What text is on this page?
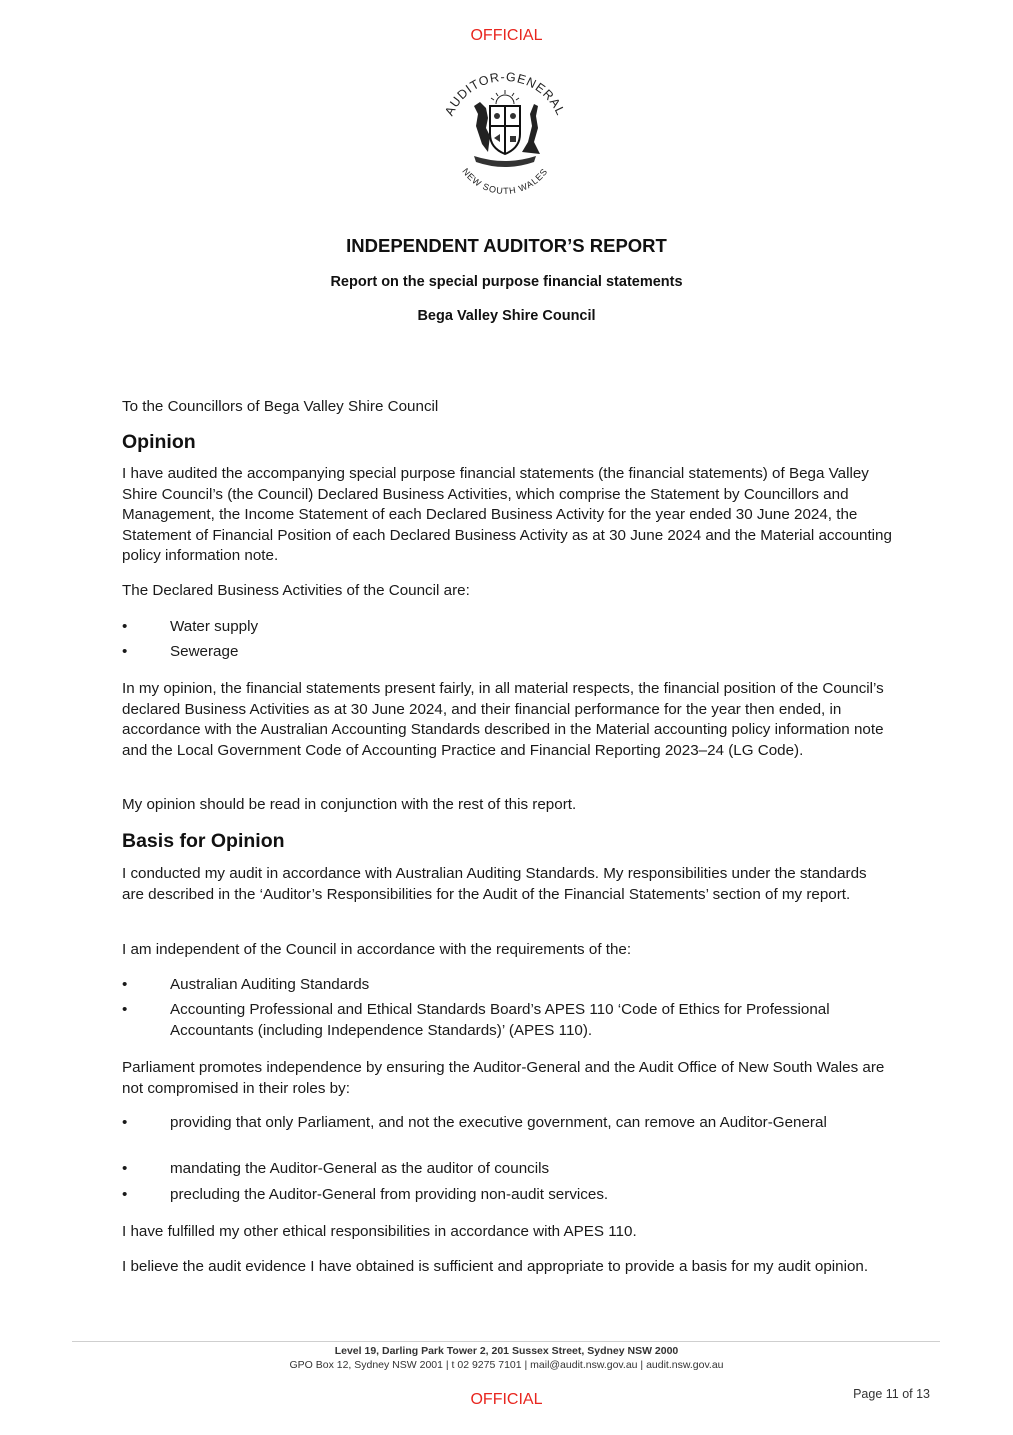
OFFICIAL
AUDITOR-GENERAL
NEW SOUTH WALES
INDEPENDENT AUDITOR’S REPORT
Report on the special purpose financial statements
Bega Valley Shire Council
To the Councillors of Bega Valley Shire Council
Opinion
I have audited the accompanying special purpose financial statements (the financial statements) of Bega Valley Shire Council’s (the Council) Declared Business Activities, which comprise the Statement by Councillors and Management, the Income Statement of each Declared Business Activity for the year ended 30 June 2024, the Statement of Financial Position of each Declared Business Activity as at 30 June 2024 and the Material accounting policy information note.
The Declared Business Activities of the Council are:
•	Water supply
•	Sewerage
In my opinion, the financial statements present fairly, in all material respects, the financial position of the Council’s declared Business Activities as at 30 June 2024, and their financial performance for the year then ended, in accordance with the Australian Accounting Standards described in the Material accounting policy information note and the Local Government Code of Accounting Practice and Financial Reporting 2023–24 (LG Code).
My opinion should be read in conjunction with the rest of this report.
Basis for Opinion
I conducted my audit in accordance with Australian Auditing Standards. My responsibilities under the standards are described in the ‘Auditor’s Responsibilities for the Audit of the Financial Statements’ section of my report.
I am independent of the Council in accordance with the requirements of the:
•	Australian Auditing Standards
•	Accounting Professional and Ethical Standards Board’s APES 110 ‘Code of Ethics for Professional Accountants (including Independence Standards)’ (APES 110).
Parliament promotes independence by ensuring the Auditor-General and the Audit Office of New South Wales are not compromised in their roles by:
•	providing that only Parliament, and not the executive government, can remove an Auditor-General
•	mandating the Auditor-General as the auditor of councils
•	precluding the Auditor-General from providing non-audit services.
I have fulfilled my other ethical responsibilities in accordance with APES 110.
I believe the audit evidence I have obtained is sufficient and appropriate to provide a basis for my audit opinion.
Level 19, Darling Park Tower 2, 201 Sussex Street, Sydney NSW 2000
GPO Box 12, Sydney NSW 2001 | t 02 9275 7101 | mail@audit.nsw.gov.au | audit.nsw.gov.au
OFFICIAL	Page 11 of 13
